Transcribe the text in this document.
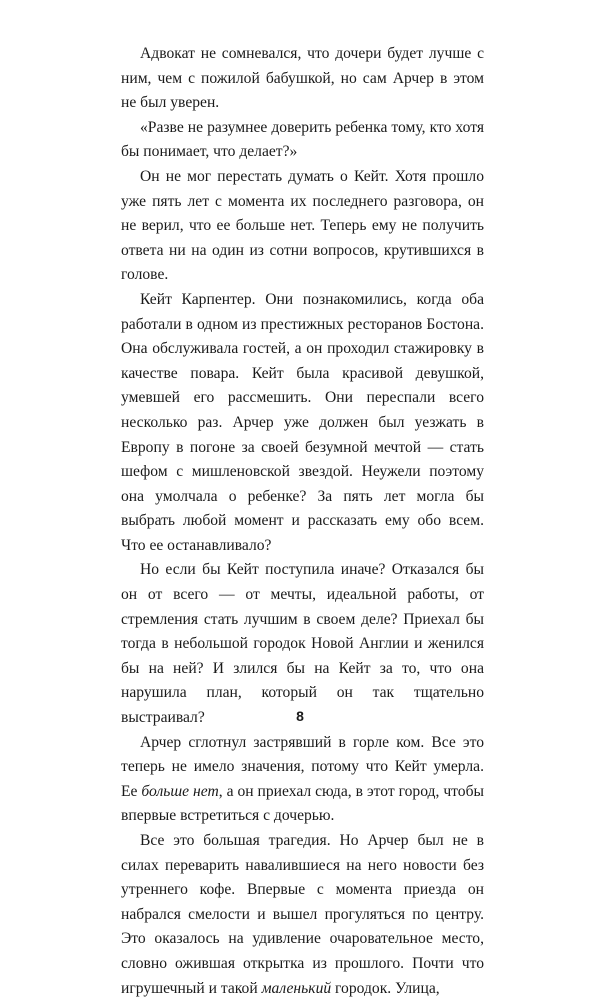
Адвокат не сомневался, что дочери будет лучше с ним, чем с пожилой бабушкой, но сам Арчер в этом не был уверен.

«Разве не разумнее доверить ребенка тому, кто хотя бы понимает, что делает?»

Он не мог перестать думать о Кейт. Хотя прошло уже пять лет с момента их последнего разговора, он не верил, что ее больше нет. Теперь ему не получить ответа ни на один из сотни вопросов, крутившихся в голове.

Кейт Карпентер. Они познакомились, когда оба работали в одном из престижных ресторанов Бостона. Она обслуживала гостей, а он проходил стажировку в качестве повара. Кейт была красивой девушкой, умевшей его рассмешить. Они переспали всего несколько раз. Арчер уже должен был уезжать в Европу в погоне за своей безумной мечтой — стать шефом с мишленовской звездой. Неужели поэтому она умолчала о ребенке? За пять лет могла бы выбрать любой момент и рассказать ему обо всем. Что ее останавливало?

Но если бы Кейт поступила иначе? Отказался бы он от всего — от мечты, идеальной работы, от стремления стать лучшим в своем деле? Приехал бы тогда в небольшой городок Новой Англии и женился бы на ней? И злился бы на Кейт за то, что она нарушила план, который он так тщательно выстраивал?

Арчер сглотнул застрявший в горле ком. Все это теперь не имело значения, потому что Кейт умерла. Ее больше нет, а он приехал сюда, в этот город, чтобы впервые встретиться с дочерью.

Все это большая трагедия. Но Арчер был не в силах переварить навалившиеся на него новости без утреннего кофе. Впервые с момента приезда он набрался смелости и вышел прогуляться по центру. Это оказалось на удивление очаровательное место, словно ожившая открытка из прошлого. Почти что игрушечный и такой маленький городок. Улица,

8
